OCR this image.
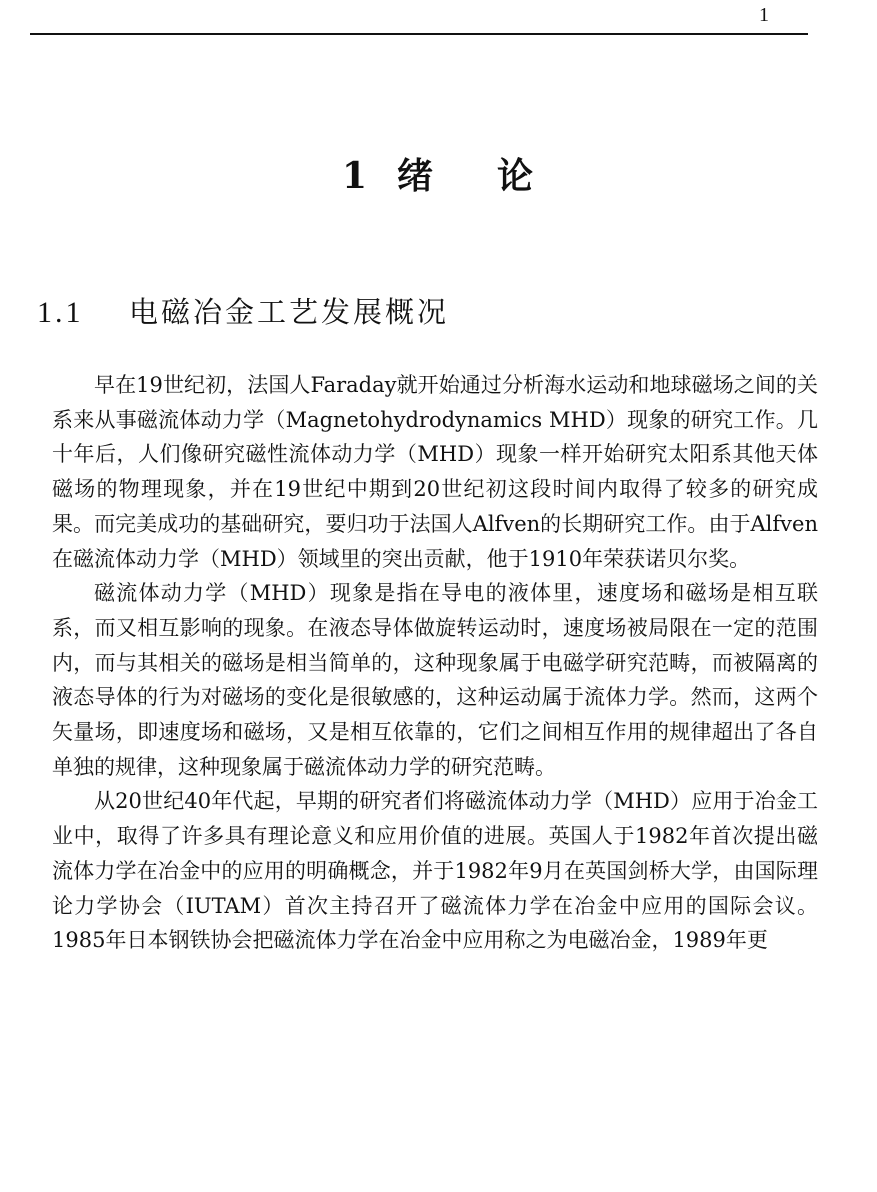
1
1 绪 论
1.1	电磁冶金工艺发展概况

早在19世纪初，法国人Faraday就开始通过分析海水运动和地球磁场之间的关系来从事磁流体动力学（Magnetohydrodynamics MHD）现象的研究工作。几十年后，人们像研究磁性流体动力学（MHD）现象一样开始研究太阳系其他天体磁场的物理现象，并在19世纪中期到20世纪初这段时间内取得了较多的研究成果。而完美成功的基础研究，要归功于法国人Alfven的长期研究工作。由于Alfven在磁流体动力学（MHD）领域里的突出贡献，他于1910年荣获诺贝尔奖。

磁流体动力学（MHD）现象是指在导电的液体里，速度场和磁场是相互联系，而又相互影响的现象。在液态导体做旋转运动时，速度场被局限在一定的范围内，而与其相关的磁场是相当简单的，这种现象属于电磁学研究范畴，而被隔离的液态导体的行为对磁场的变化是很敏感的，这种运动属于流体力学。然而，这两个矢量场，即速度场和磁场，又是相互依靠的，它们之间相互作用的规律超出了各自单独的规律，这种现象属于磁流体动力学的研究范畴。

从20世纪40年代起，早期的研究者们将磁流体动力学（MHD）应用于冶金工业中，取得了许多具有理论意义和应用价值的进展。英国人于1982年首次提出磁流体力学在冶金中的应用的明确概念，并于1982年9月在英国剑桥大学，由国际理论力学协会（IUTAM）首次主持召开了磁流体力学在冶金中应用的国际会议。1985年日本钢铁协会把磁流体力学在冶金中应用称之为电磁冶金，1989年更
